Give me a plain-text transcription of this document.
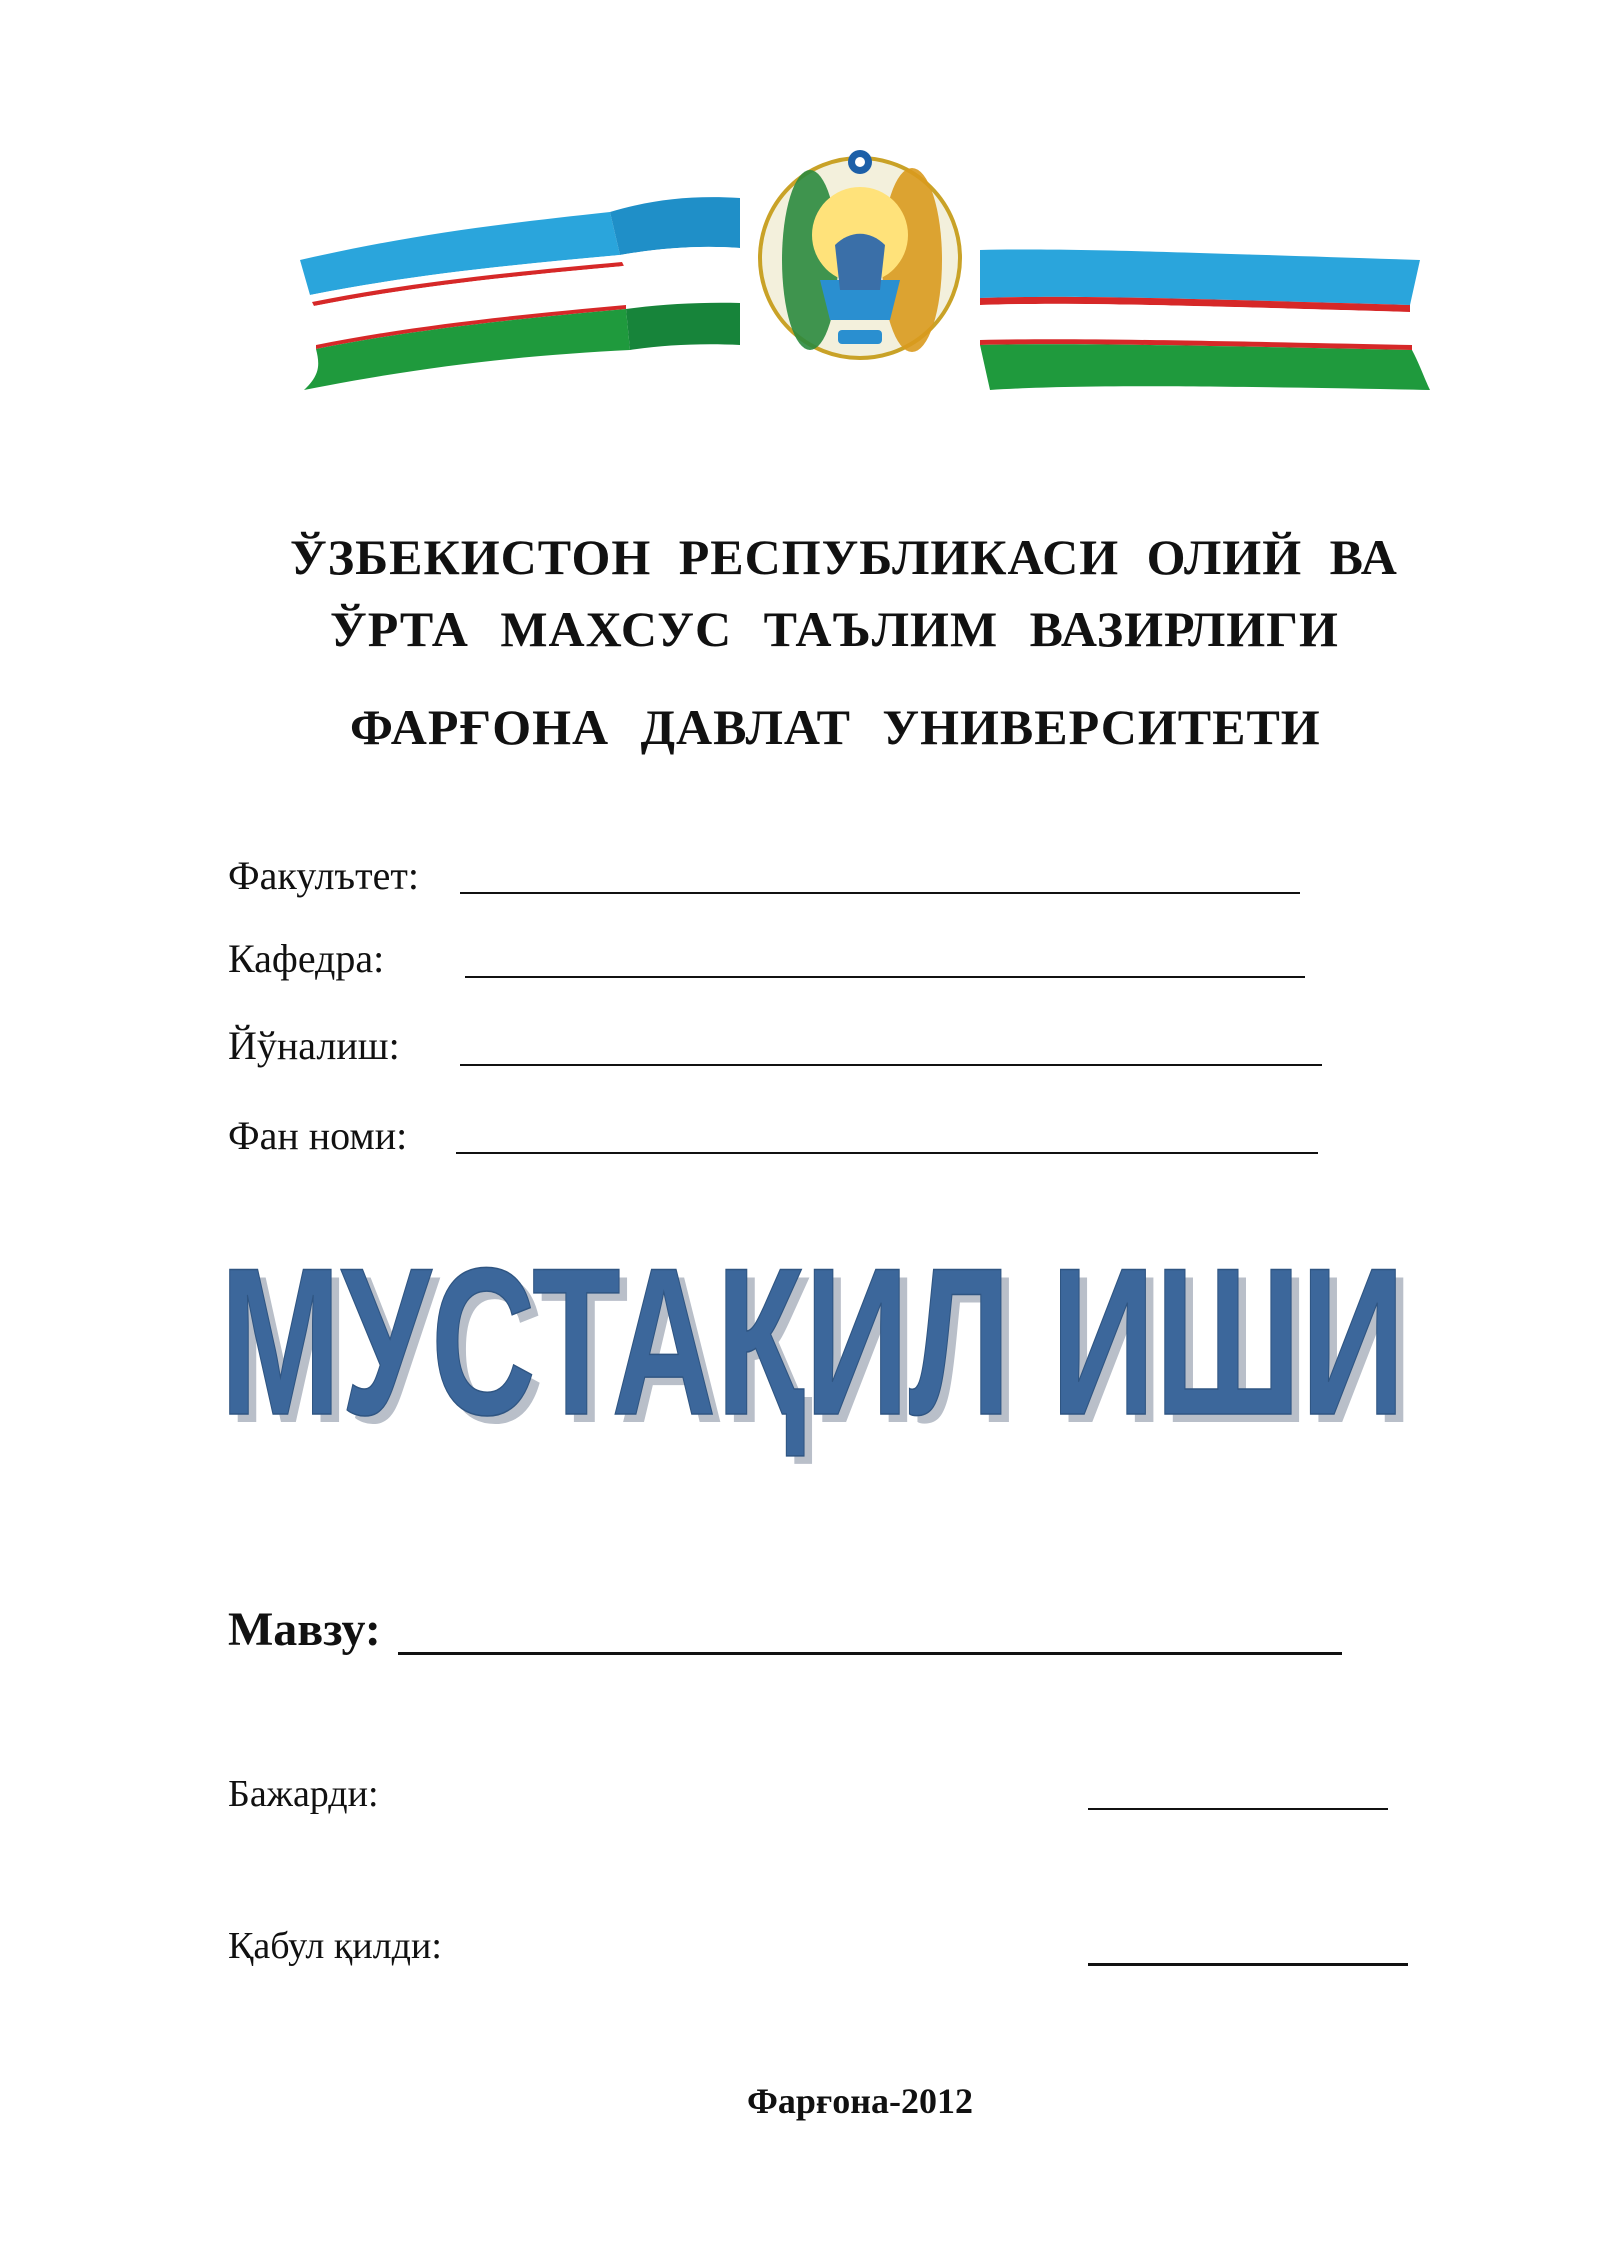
ЎЗБЕКИСТОН РЕСПУБЛИКАСИ ОЛИЙ ВА
ЎРТА МАХСУС ТАЪЛИМ ВАЗИРЛИГИ
ФАРҒОНА ДАВЛАТ УНИВЕРСИТЕТИ
Факулътет:
Кафедра:
Йўналиш:
Фан номи:
МУСТАҚИЛ ИШИ
МУСТАҚИЛ ИШИ
Мавзу:
Бажарди:
Қабул қилди:
Фарғона-2012
